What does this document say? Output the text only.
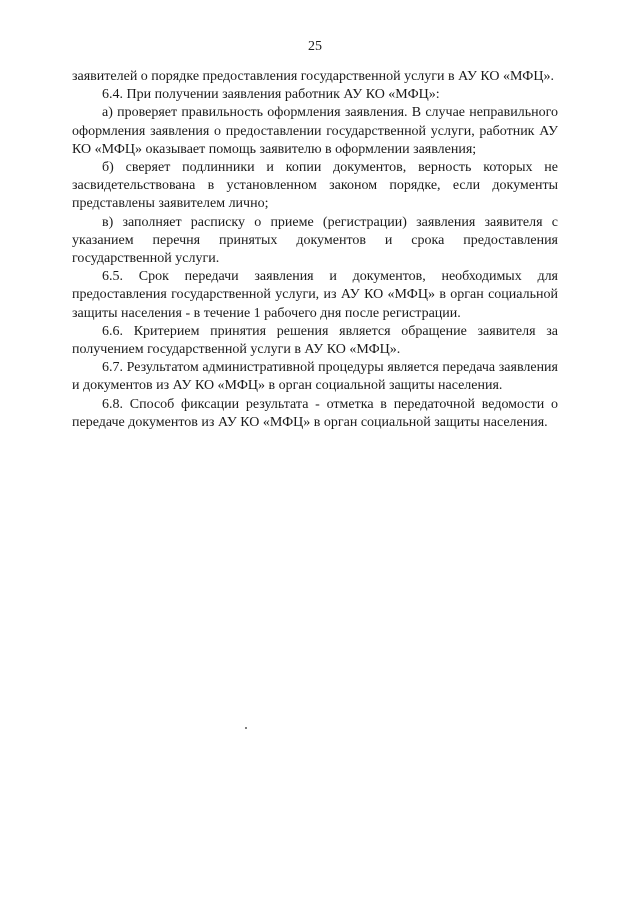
25

заявителей о порядке предоставления государственной услуги в АУ КО «МФЦ».

6.4. При получении заявления работник АУ КО «МФЦ»:

а) проверяет правильность оформления заявления. В случае неправильного оформления заявления о предоставлении государственной услуги, работник АУ КО «МФЦ» оказывает помощь заявителю в оформлении заявления;

б) сверяет подлинники и копии документов, верность которых не засвидетельствована в установленном законом порядке, если документы представлены заявителем лично;

в) заполняет расписку о приеме (регистрации) заявления заявителя с указанием перечня принятых документов и срока предоставления государственной услуги.

6.5. Срок передачи заявления и документов, необходимых для предоставления государственной услуги, из АУ КО «МФЦ» в орган социальной защиты населения - в течение 1 рабочего дня после регистрации.

6.6. Критерием принятия решения является обращение заявителя за получением государственной услуги в АУ КО «МФЦ».

6.7. Результатом административной процедуры является передача заявления и документов из АУ КО «МФЦ» в орган социальной защиты населения.

6.8. Способ фиксации результата - отметка в передаточной ведомости о передаче документов из АУ КО «МФЦ» в орган социальной защиты населения.
